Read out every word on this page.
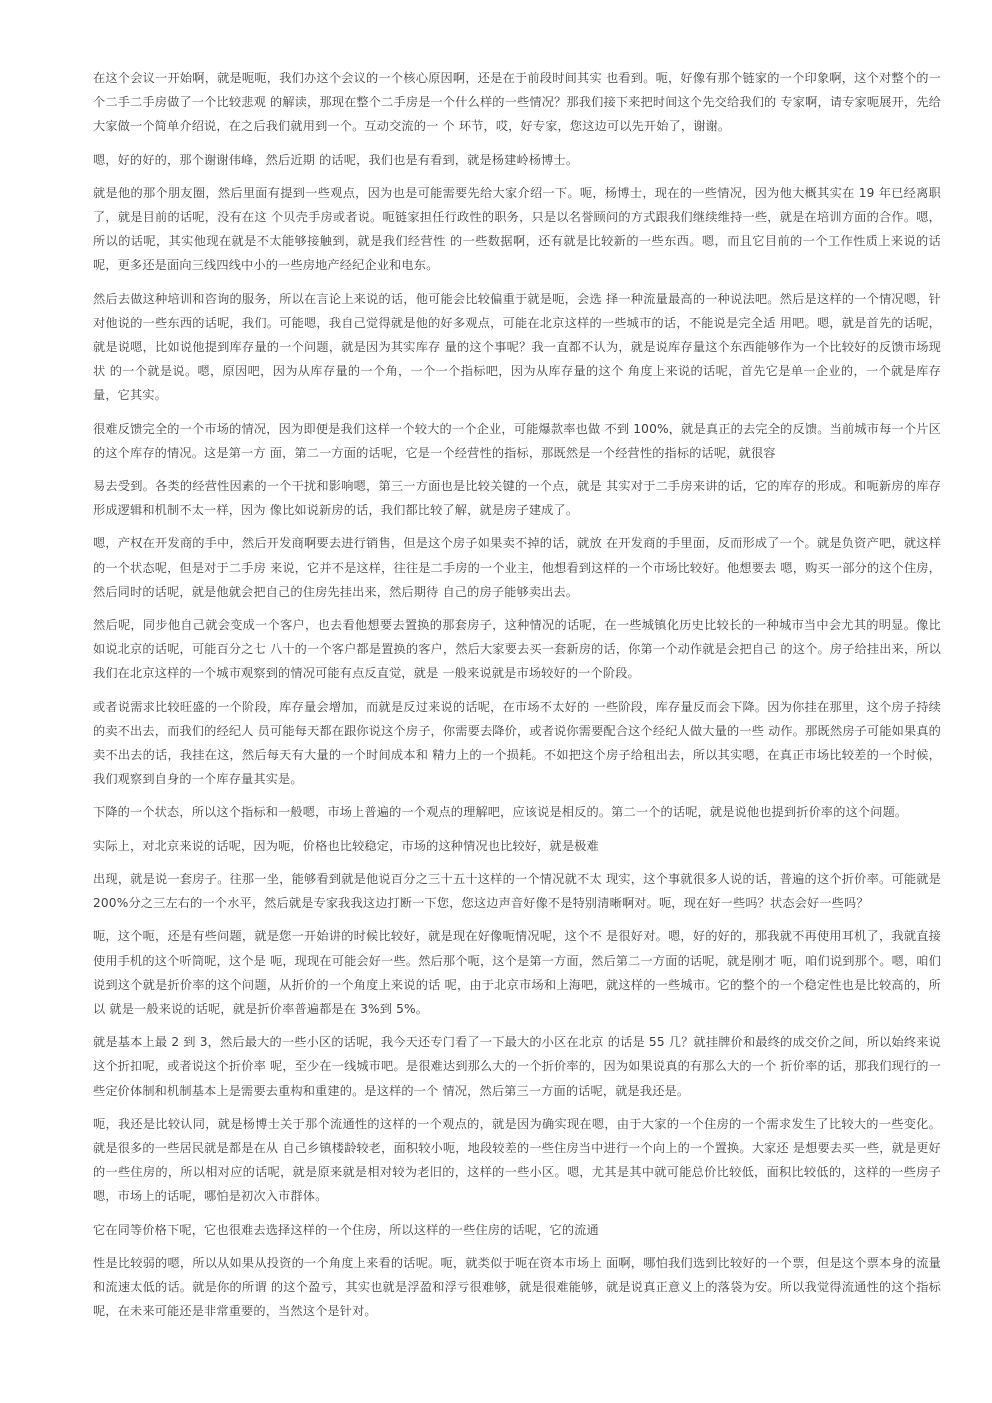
在这个会议一开始啊，就是呃呃，我们办这个会议的一个核心原因啊，还是在于前段时间其实 也看到。呃，好像有那个链家的一个印象啊，这个对整个的一个二手二手房做了一个比较悲观 的解读，那现在整个二手房是一个什么样的一些情况？那我们接下来把时间这个先交给我们的 专家啊，请专家呃展开，先给大家做一个简单介绍说，在之后我们就用到一个。互动交流的一 个 环节，哎，好专家，您这边可以先开始了，谢谢。

嗯，好的好的，那个谢谢伟峰，然后近期 的话呢，我们也是有看到，就是杨建岭杨博士。

就是他的那个朋友圈，然后里面有提到一些观点，因为也是可能需要先给大家介绍一下。呃，杨博士，现在的一些情况，因为他大概其实在 19 年已经离职了，就是目前的话呢，没有在这 个贝壳手房或者说。呃链家担任行政性的职务，只是以名誉顾问的方式跟我们继续维持一些，就是在培训方面的合作。嗯，所以的话呢，其实他现在就是不太能够接触到，就是我们经营性 的一些数据啊，还有就是比较新的一些东西。嗯，而且它目前的一个工作性质上来说的话呢，更多还是面向三线四线中小的一些房地产经纪企业和电东。

然后去做这种培训和咨询的服务，所以在言论上来说的话，他可能会比较偏重于就是呃，会选 择一种流量最高的一种说法吧。然后是这样的一个情况嗯，针对他说的一些东西的话呢，我们。可能嗯，我自己觉得就是他的好多观点，可能在北京这样的一些城市的话，不能说是完全适 用吧。嗯，就是首先的话呢，就是说嗯，比如说他提到库存量的一个问题，就是因为其实库存 量的这个事呢？我一直都不认为，就是说库存量这个东西能够作为一个比较好的反馈市场现状 的一个就是说。嗯，原因吧，因为从库存量的一个角，一个一个指标吧，因为从库存量的这个 角度上来说的话呢，首先它是单一企业的，一个就是库存量，它其实。

很难反馈完全的一个市场的情况，因为即便是我们这样一个较大的一个企业，可能爆款率也做 不到 100%，就是真正的去完全的反馈。当前城市每一个片区的这个库存的情况。这是第一方 面，第二一方面的话呢，它是一个经营性的指标，那既然是一个经营性的指标的话呢，就很容

易去受到。各类的经营性因素的一个干扰和影响嗯，第三一方面也是比较关键的一个点，就是 其实对于二手房来讲的话，它的库存的形成。和呃新房的库存形成逻辑和机制不太一样，因为 像比如说新房的话，我们都比较了解，就是房子建成了。

嗯，产权在开发商的手中，然后开发商啊要去进行销售，但是这个房子如果卖不掉的话，就放 在开发商的手里面，反而形成了一个。就是负资产吧，就这样的一个状态呢，但是对于二手房 来说，它并不是这样，往往是二手房的一个业主，他想看到这样的一个市场比较好。他想要去 嗯，购买一部分的这个住房，然后同时的话呢，就是他就会把自己的住房先挂出来，然后期待 自己的房子能够卖出去。

然后呢，同步他自己就会变成一个客户，也去看他想要去置换的那套房子，这种情况的话呢，在一些城镇化历史比较长的一种城市当中会尤其的明显。像比如说北京的话呢，可能百分之七 八十的一个客户都是置换的客户，然后大家要去买一套新房的话，你第一个动作就是会把自己 的这个。房子给挂出来，所以我们在北京这样的一个城市观察到的情况可能有点反直觉，就是 一般来说就是市场较好的一个阶段。

或者说需求比较旺盛的一个阶段，库存量会增加，而就是反过来说的话呢，在市场不太好的 一些阶段，库存量反而会下降。因为你挂在那里，这个房子持续的卖不出去，而我们的经纪人 员可能每天都在跟你说这个房子，你需要去降价，或者说你需要配合这个经纪人做大量的一些 动作。那既然房子可能如果真的卖不出去的话，我挂在这，然后每天有大量的一个时间成本和 精力上的一个损耗。不如把这个房子给租出去，所以其实嗯，在真正市场比较差的一个时候，我们观察到自身的一个库存量其实是。

下降的一个状态，所以这个指标和一般嗯，市场上普遍的一个观点的理解吧，应该说是相反的。第二一个的话呢，就是说他也提到折价率的这个问题。

实际上，对北京来说的话呢，因为呃，价格也比较稳定，市场的这种情况也比较好，就是极难

出现，就是说一套房子。往那一坐，能够看到就是他说百分之三十五十这样的一个情况就不太 现实，这个事就很多人说的话，普遍的这个折价率。可能就是 200%分之三左右的一个水平，然后就是专家我我这边打断一下您，您这边声音好像不是特别清晰啊对。呃，现在好一些吗？状态会好一些吗？

呃，这个呃，还是有些问题，就是您一开始讲的时候比较好，就是现在好像呃情况呢，这个不 是很好对。嗯，好的好的，那我就不再使用耳机了，我就直接使用手机的这个听筒呢，这个是 呃，现现在可能会好一些。然后那个呃，这个是第一方面，然后第二一方面的话呢，就是刚才 呃，咱们说到那个。嗯，咱们说到这个就是折价率的这个问题，从折价的一个角度上来说的话 呢，由于北京市场和上海吧，就这样的一些城市。它的整个的一个稳定性也是比较高的，所以 就是一般来说的话呢，就是折价率普遍都是在 3%到 5%。

就是基本上最 2 到 3，然后最大的一些小区的话呢，我今天还专门看了一下最大的小区在北京 的话是 55 几？就挂牌价和最终的成交价之间，所以始终来说这个折扣呢，或者说这个折价率 呢，至少在一线城市吧。是很难达到那么大的一个折价率的，因为如果说真的有那么大的一个 折价率的话，那我们现行的一些定价体制和机制基本上是需要去重构和重建的。是这样的一个 情况，然后第三一方面的话呢，就是我还是。

呃，我还是比较认同，就是杨博士关于那个流通性的这样的一个观点的，就是因为确实现在嗯，由于大家的一个住房的一个需求发生了比较大的一些变化。就是很多的一些居民就是都是在从 自己乡镇楼龄较老，面积较小呃，地段较差的一些住房当中进行一个向上的一个置换。大家还 是想要去买一些，就是更好的一些住房的，所以相对应的话呢，就是原来就是相对较为老旧的，这样的一些小区。嗯，尤其是其中就可能总价比较低，面积比较低的，这样的一些房子嗯，市场上的话呢，哪怕是初次入市群体。

它在同等价格下呢，它也很难去选择这样的一个住房，所以这样的一些住房的话呢，它的流通

性是比较弱的嗯，所以从如果从投资的一个角度上来看的话呢。呃，就类似于呃在资本市场上 面啊，哪怕我们选到比较好的一个票，但是这个票本身的流量和流速太低的话。就是你的所谓 的这个盈亏，其实也就是浮盈和浮亏很难够，就是很难能够，就是说真正意义上的落袋为安。所以我觉得流通性的这个指标呢，在未来可能还是非常重要的，当然这个是针对。
